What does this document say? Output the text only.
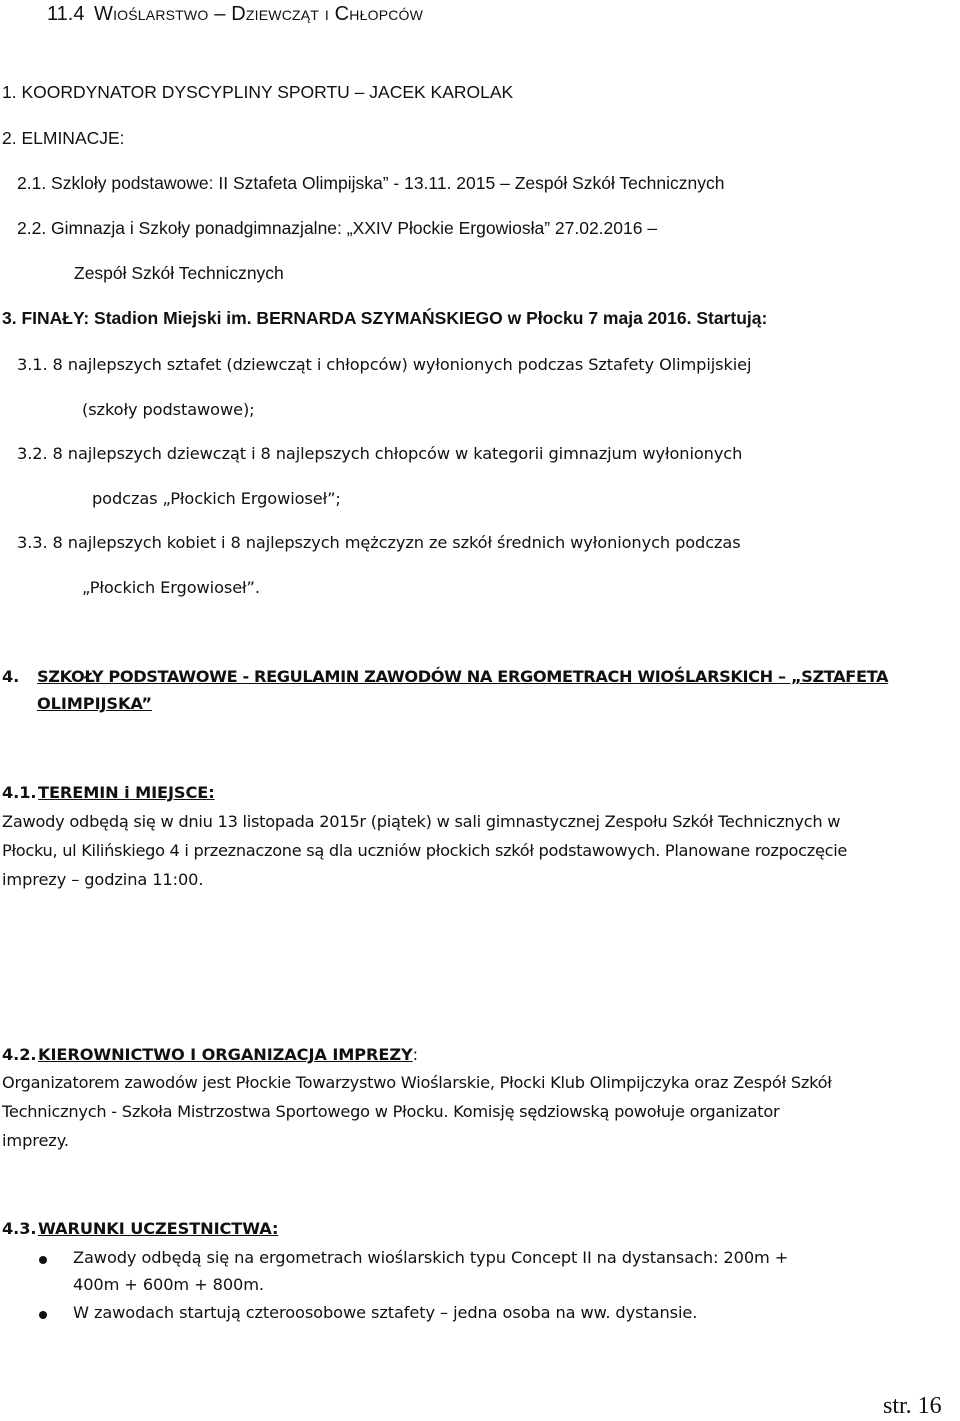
11.4 Wioślarstwo – Dziewcząt i Chłopców
1. KOORDYNATOR DYSCYPLINY SPORTU – JACEK KAROLAK
2. ELMINACJE:
2.1. Szkloły podstawowe: II Sztafeta Olimpijska” - 13.11. 2015 – Zespół Szkół Technicznych
2.2. Gimnazja i Szkoły ponadgimnazjalne: „XXIV Płockie Ergowiosła” 27.02.2016 –
Zespół Szkół Technicznych
3. FINAŁY: Stadion Miejski im. BERNARDA SZYMAŃSKIEGO w Płocku 7 maja 2016. Startują:
3.1. 8 najlepszych sztafet (dziewcząt i chłopców) wyłonionych podczas Sztafety Olimpijskiej
(szkoły podstawowe);
3.2. 8 najlepszych dziewcząt i 8 najlepszych chłopców w kategorii gimnazjum wyłonionych
podczas „Płockich Ergowioseł”;
3.3. 8 najlepszych kobiet i 8 najlepszych mężczyzn ze szkół średnich wyłonionych podczas
„Płockich Ergowioseł”.
4. SZKOŁY PODSTAWOWE - REGULAMIN ZAWODÓW NA ERGOMETRACH WIOŚLARSKICH – „SZTAFETA
OLIMPIJSKA”
4.1. TEREMIN i MIEJSCE:
Zawody odbędą się w dniu 13 listopada 2015r (piątek) w sali gimnastycznej Zespołu Szkół Technicznych w
Płocku, ul Kilińskiego 4 i przeznaczone są dla uczniów płockich szkół podstawowych. Planowane rozpoczęcie
imprezy – godzina 11:00.
4.2. KIEROWNICTWO I ORGANIZACJA IMPREZY:
Organizatorem zawodów jest Płockie Towarzystwo Wioślarskie, Płocki Klub Olimpijczyka oraz Zespół Szkół
Technicznych - Szkoła Mistrzostwa Sportowego w Płocku. Komisję sędziowską powołuje organizator
imprezy.
4.3. WARUNKI UCZESTNICTWA:
Zawody odbędą się na ergometrach wioślarskich typu Concept II na dystansach: 200m +
400m + 600m + 800m.
W zawodach startują czteroosobowe sztafety – jedna osoba na ww. dystansie.
str. 16
